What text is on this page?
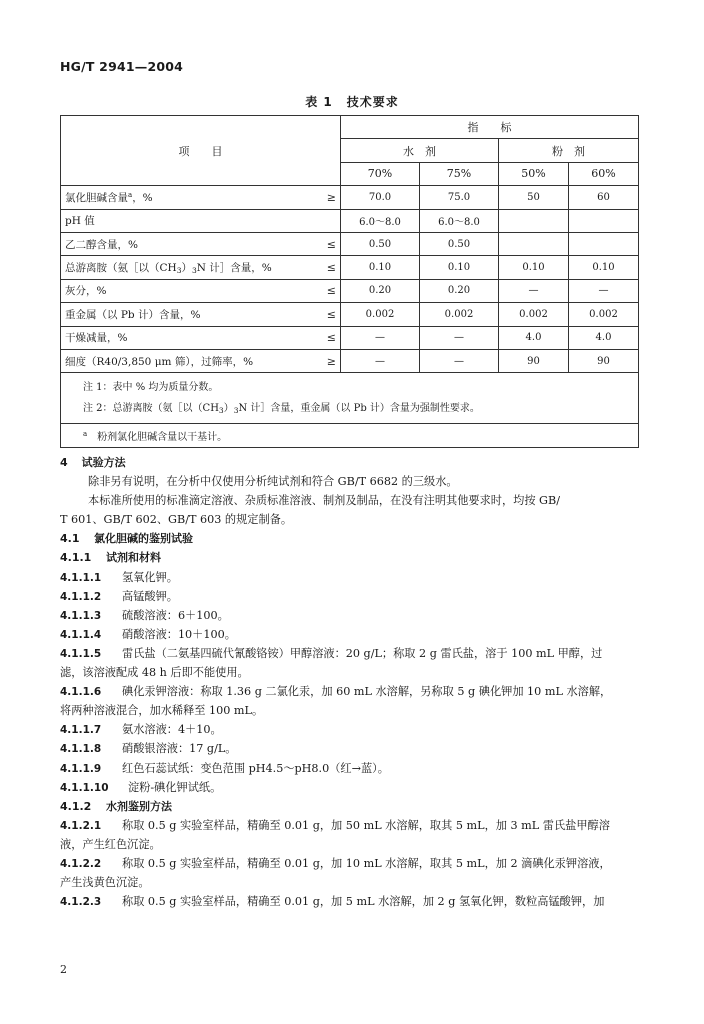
HG/T 2941—2004
表 1 技术要求
项　　目		指　　标			
		水　剂		粉　剂	
		70%	75%	50%	60%
氯化胆碱含量$^a$，%	≥	70.0	75.0	50	60
pH 值		6.0～8.0	6.0～8.0		
乙二醇含量，%	≤	0.50	0.50		
总游离胺（氨［以$(CH_3)_3N$ 计］含量，%	≤	0.10	0.10	0.10	0.10
灰分，%	≤	0.20	0.20	—	—
重金属（以 Pb 计）含量，%	≤	0.002	0.002	0.002	0.002
干燥减量，%	≤	—	—	4.0	4.0
细度（R40/3,850 μm 筛），过筛率，%	≥	—	—	90	90

注 1：表中 % 均为质量分数。
注 2：总游离胺（氨［以$(CH_3)_3N$ 计］含量，重金属（以 Pb 计）含量为强制性要求。					

$^a$　 粉剂氯化胆碱含量以干基计。					
4 试验方法
除非另有说明，在分析中仅使用分析纯试剂和符合 GB/T 6682 的三级水。
本标准所使用的标准滴定溶液、杂质标准溶液、制剂及制品，在没有注明其他要求时，均按 GB/
T 601、GB/T 602、GB/T 603 的规定制备。
4.1 氯化胆碱的鉴别试验
4.1.1 试剂和材料
4.1.1.1 氢氧化钾。
4.1.1.2 高锰酸钾。
4.1.1.3 硫酸溶液：6＋100。
4.1.1.4 硝酸溶液：10＋100。
4.1.1.5 雷氏盐（二氨基四硫代氰酸铬铵）甲醇溶液：20 g/L；称取 2 g 雷氏盐，溶于 100 mL 甲醇，过
滤，该溶液配成 48 h 后即不能使用。
4.1.1.6 碘化汞钾溶液：称取 1.36 g 二氯化汞，加 60 mL 水溶解，另称取 5 g 碘化钾加 10 mL 水溶解，
将两种溶液混合，加水稀释至 100 mL。
4.1.1.7 氨水溶液：4＋10。
4.1.1.8 硝酸银溶液：17 g/L。
4.1.1.9 红色石蕊试纸：变色范围 pH4.5～pH8.0（红→蓝）。
4.1.1.10 淀粉-碘化钾试纸。
4.1.2 水剂鉴别方法
4.1.2.1 称取 0.5 g 实验室样品，精确至 0.01 g，加 50 mL 水溶解，取其 5 mL，加 3 mL 雷氏盐甲醇溶
液，产生红色沉淀。
4.1.2.2 称取 0.5 g 实验室样品，精确至 0.01 g，加 10 mL 水溶解，取其 5 mL，加 2 滴碘化汞钾溶液，
产生浅黄色沉淀。
4.1.2.3 称取 0.5 g 实验室样品，精确至 0.01 g，加 5 mL 水溶解，加 2 g 氢氧化钾，数粒高锰酸钾，加
2
